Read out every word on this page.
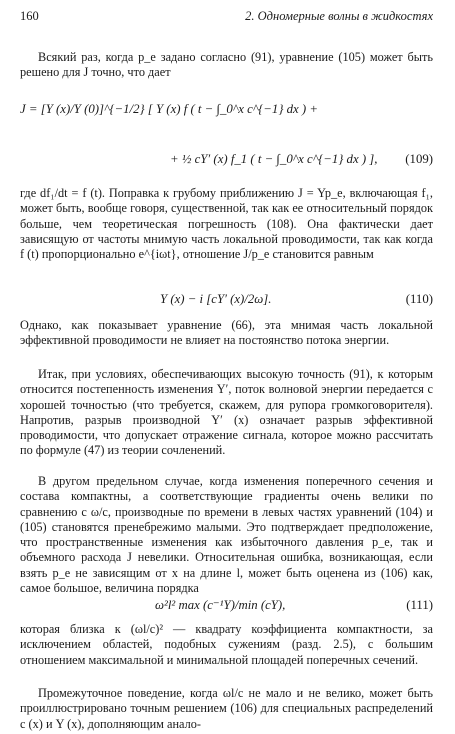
160	2. Одномерные волны в жидкостях
Всякий раз, когда p_e задано согласно (91), уравнение (105) может быть решено для J точно, что дает
J = [Y (x)/Y (0)]^{−1/2} [ Y (x) f ( t − ∫_0^x c^{−1} dx ) +
+ ½ cY′ (x) f_1 ( t − ∫_0^x c^{−1} dx ) ], (109)
где df₁/dt = f (t). Поправка к грубому приближению J = Yp_e, включающая f₁, может быть, вообще говоря, существенной, так как ее относительный порядок больше, чем теоретическая погрешность (108). Она фактически дает зависящую от частоты мнимую часть локальной проводимости, так как когда f (t) пропорционально e^{iωt}, отношение J/p_e становится равным
Y (x) − i [cY′ (x)/2ω].	(110)
Однако, как показывает уравнение (66), эта мнимая часть локальной эффективной проводимости не влияет на постоянство потока энергии.
Итак, при условиях, обеспечивающих высокую точность (91), к которым относится постепенность изменения Y′, поток волновой энергии передается с хорошей точностью (что требуется, скажем, для рупора громкоговорителя). Напротив, разрыв производной Y′ (x) означает разрыв эффективной проводимости, что допускает отражение сигнала, которое можно рассчитать по формуле (47) из теории сочленений.
В другом предельном случае, когда изменения поперечного сечения и состава компактны, а соответствующие градиенты очень велики по сравнению с ω/c, производные по времени в левых частях уравнений (104) и (105) становятся пренебрежимо малыми. Это подтверждает предположение, что пространственные изменения как избыточного давления p_e, так и объемного расхода J невелики. Относительная ошибка, возникающая, если взять p_e не зависящим от x на длине l, может быть оценена из (106) как, самое большое, величина порядка
ω²l² max (c⁻¹Y)/min (cY),	(111)
которая близка к (ωl/c)² — квадрату коэффициента компактности, за исключением областей, подобных сужениям (разд. 2.5), с большим отношением максимальной и минимальной площадей поперечных сечений.
Промежуточное поведение, когда ωl/c не мало и не велико, может быть проиллюстрировано точным решением (106) для специальных распределений c (x) и Y (x), дополняющим анало-
